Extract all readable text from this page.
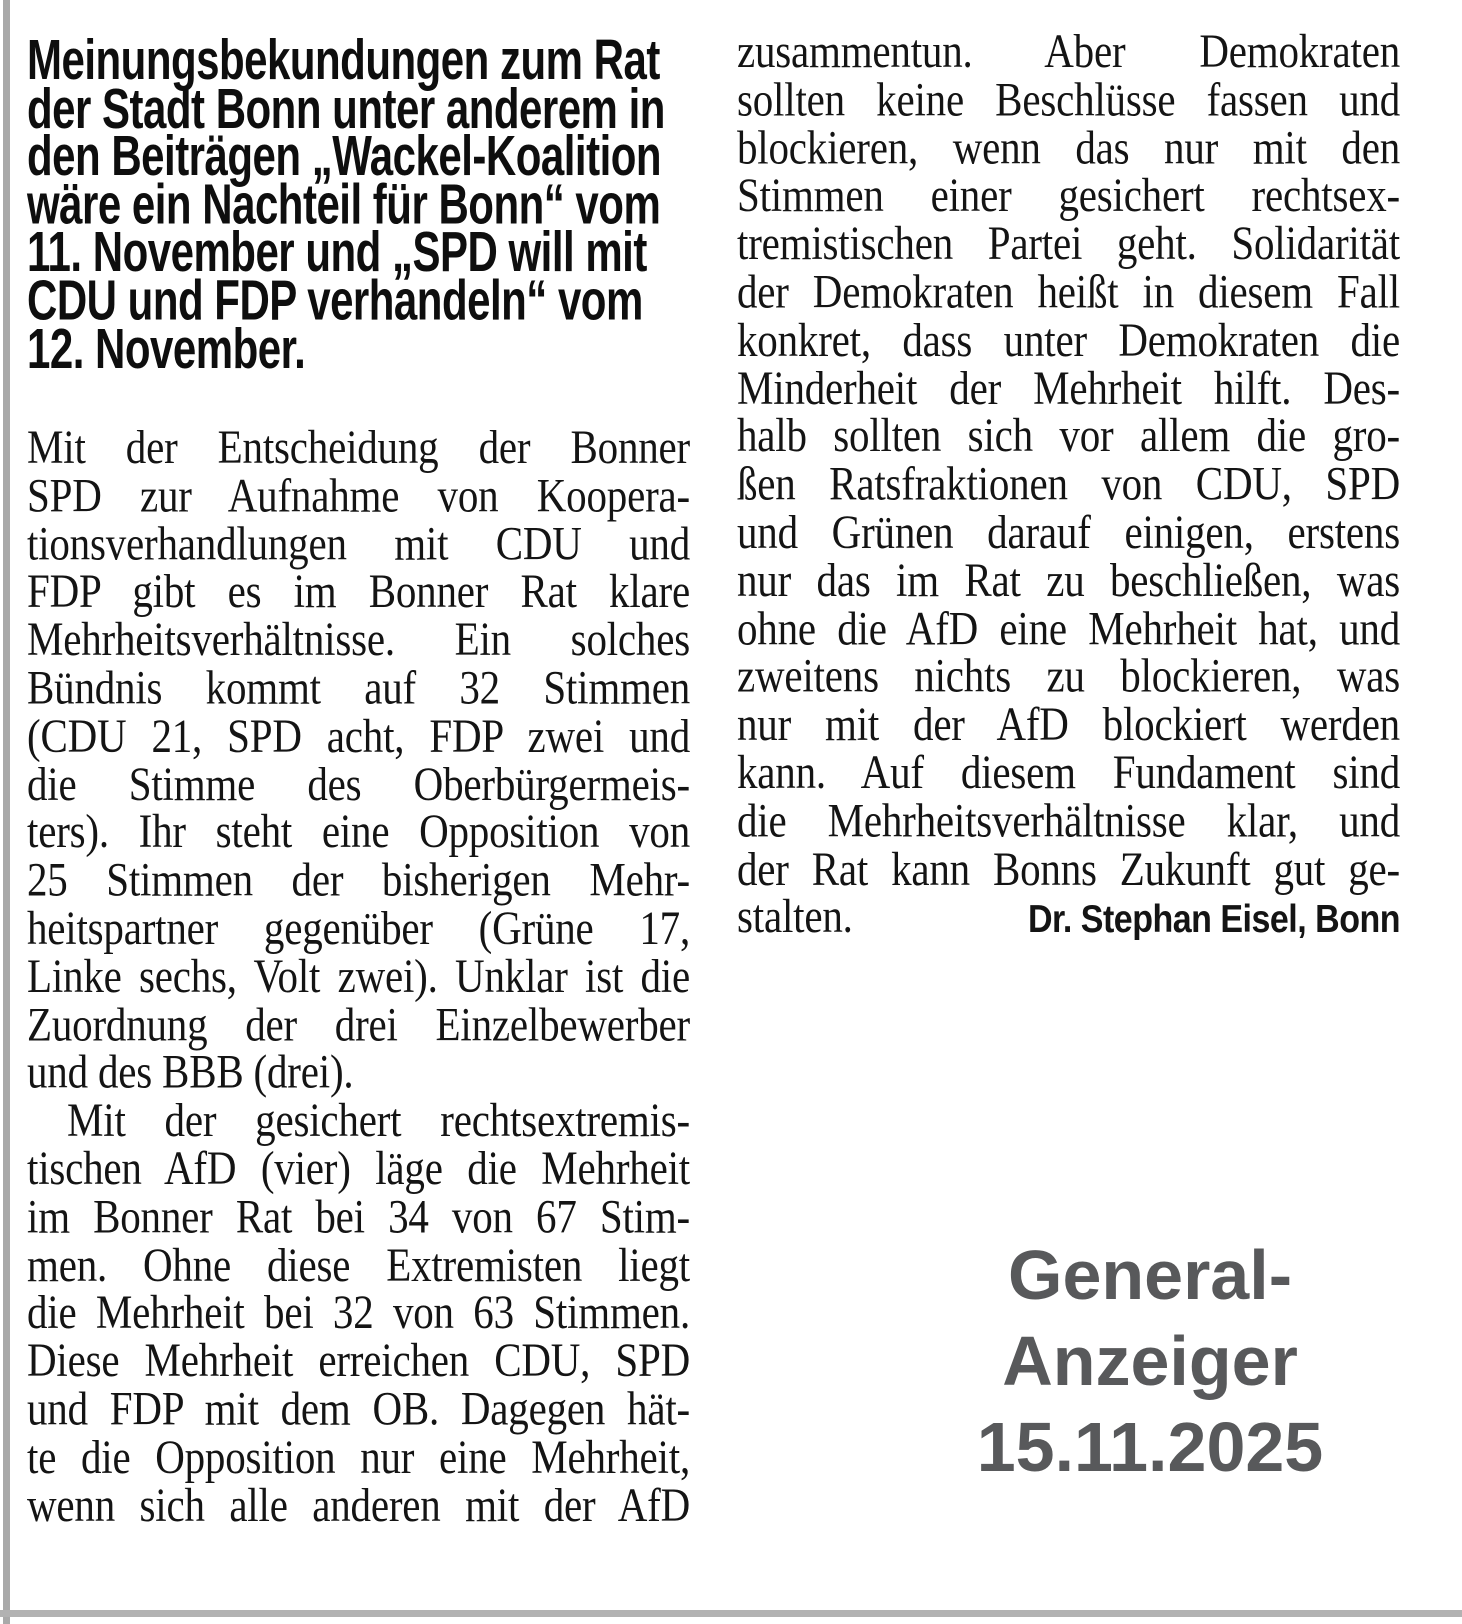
Meinungsbekundungen zum Rat
der Stadt Bonn unter anderem in
den Beiträgen „Wackel-Koalition
wäre ein Nachteil für Bonn“ vom
11. November und „SPD will mit
CDU und FDP verhandeln“ vom
12. November.
Mit der Entscheidung der Bonner
SPD zur Aufnahme von Koopera-
tionsverhandlungen mit CDU und
FDP gibt es im Bonner Rat klare
Mehrheitsverhältnisse. Ein solches
Bündnis kommt auf 32 Stimmen
(CDU 21, SPD acht, FDP zwei und
die Stimme des Oberbürgermeis-
ters). Ihr steht eine Opposition von
25 Stimmen der bisherigen Mehr-
heitspartner gegenüber (Grüne 17,
Linke sechs, Volt zwei). Unklar ist die
Zuordnung der drei Einzelbewerber
und des BBB (drei).
Mit der gesichert rechtsextremis-
tischen AfD (vier) läge die Mehrheit
im Bonner Rat bei 34 von 67 Stim-
men. Ohne diese Extremisten liegt
die Mehrheit bei 32 von 63 Stimmen.
Diese Mehrheit erreichen CDU, SPD
und FDP mit dem OB. Dagegen hät-
te die Opposition nur eine Mehrheit,
wenn sich alle anderen mit der AfD
zusammentun. Aber Demokraten
sollten keine Beschlüsse fassen und
blockieren, wenn das nur mit den
Stimmen einer gesichert rechtsex-
tremistischen Partei geht. Solidarität
der Demokraten heißt in diesem Fall
konkret, dass unter Demokraten die
Minderheit der Mehrheit hilft. Des-
halb sollten sich vor allem die gro-
ßen Ratsfraktionen von CDU, SPD
und Grünen darauf einigen, erstens
nur das im Rat zu beschließen, was
ohne die AfD eine Mehrheit hat, und
zweitens nichts zu blockieren, was
nur mit der AfD blockiert werden
kann. Auf diesem Fundament sind
die Mehrheitsverhältnisse klar, und
der Rat kann Bonns Zukunft gut ge-
stalten.	Dr. Stephan Eisel, Bonn
General-
Anzeiger
15.11.2025
